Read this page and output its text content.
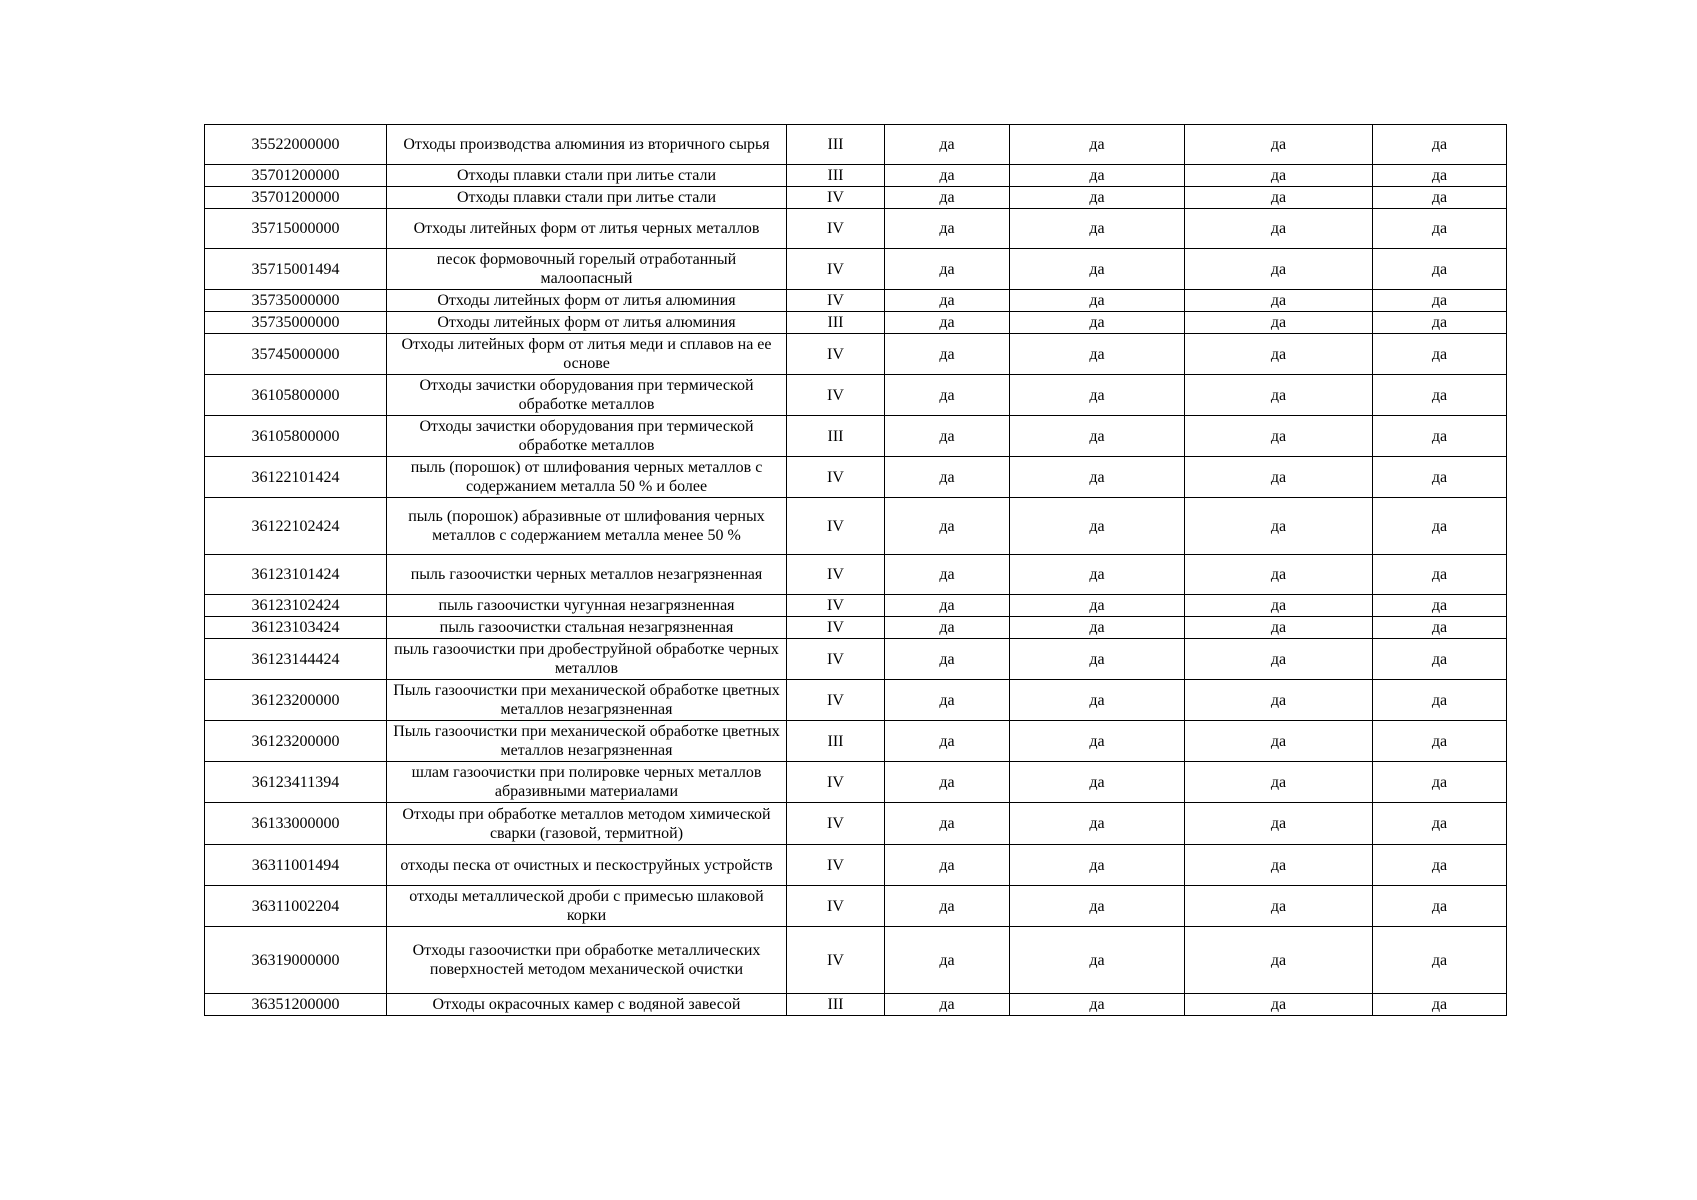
35522000000	Отходы производства алюминия из вторичного сырья	III	да	да	да	да
35701200000	Отходы плавки стали при литье стали	III	да	да	да	да
35701200000	Отходы плавки стали при литье стали	IV	да	да	да	да
35715000000	Отходы литейных форм от литья черных металлов	IV	да	да	да	да
35715001494	песок формовочный горелый отработанный малоопасный	IV	да	да	да	да
35735000000	Отходы литейных форм от литья алюминия	IV	да	да	да	да
35735000000	Отходы литейных форм от литья алюминия	III	да	да	да	да
35745000000	Отходы литейных форм от литья меди и сплавов на ее основе	IV	да	да	да	да
36105800000	Отходы зачистки оборудования при термической обработке металлов	IV	да	да	да	да
36105800000	Отходы зачистки оборудования при термической обработке металлов	III	да	да	да	да
36122101424	пыль (порошок) от шлифования черных металлов с содержанием металла 50 % и более	IV	да	да	да	да
36122102424	пыль (порошок) абразивные от шлифования черных металлов с содержанием металла менее 50 %	IV	да	да	да	да
36123101424	пыль газоочистки черных металлов незагрязненная	IV	да	да	да	да
36123102424	пыль газоочистки чугунная незагрязненная	IV	да	да	да	да
36123103424	пыль газоочистки стальная незагрязненная	IV	да	да	да	да
36123144424	пыль газоочистки при дробеструйной обработке черных металлов	IV	да	да	да	да
36123200000	Пыль газоочистки при механической обработке цветных металлов незагрязненная	IV	да	да	да	да
36123200000	Пыль газоочистки при механической обработке цветных металлов незагрязненная	III	да	да	да	да
36123411394	шлам газоочистки при полировке черных металлов абразивными материалами	IV	да	да	да	да
36133000000	Отходы при обработке металлов методом химической сварки (газовой, термитной)	IV	да	да	да	да
36311001494	отходы песка от очистных и пескоструйных устройств	IV	да	да	да	да
36311002204	отходы металлической дроби с примесью шлаковой корки	IV	да	да	да	да
36319000000	Отходы газоочистки при обработке металлических поверхностей методом механической очистки	IV	да	да	да	да
36351200000	Отходы окрасочных камер с водяной завесой	III	да	да	да	да
